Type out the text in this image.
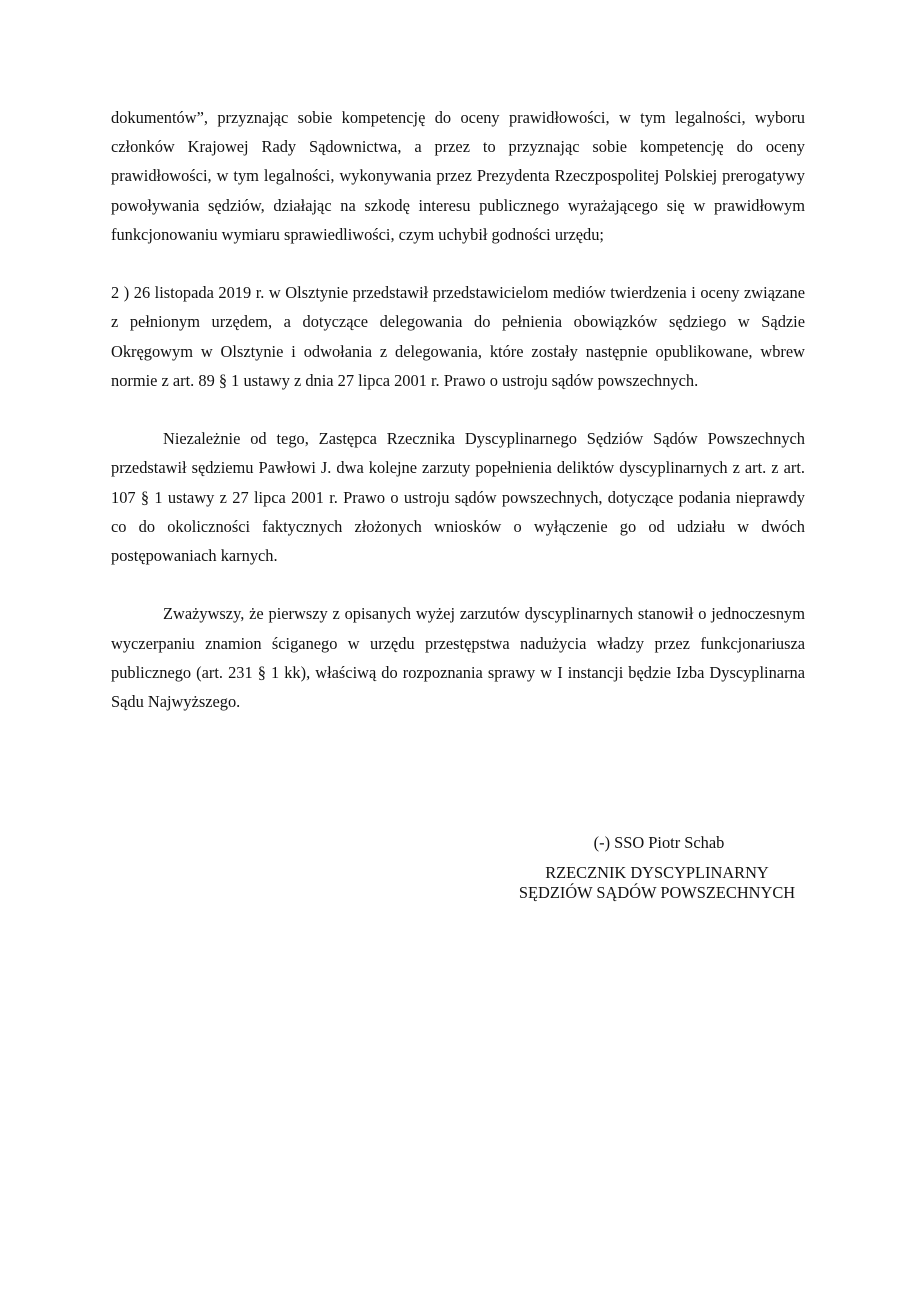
dokumentów”, przyznając sobie kompetencję do oceny prawidłowości, w tym legalności, wyboru członków Krajowej Rady Sądownictwa, a przez to przyznając sobie kompetencję do oceny prawidłowości, w tym legalności, wykonywania przez Prezydenta Rzeczpospolitej Polskiej prerogatywy powoływania sędziów, działając na szkodę interesu publicznego wyrażającego się w prawidłowym funkcjonowaniu wymiaru sprawiedliwości, czym uchybił godności urzędu;

2 ) 26 listopada 2019 r. w Olsztynie przedstawił przedstawicielom mediów twierdzenia i oceny związane z pełnionym urzędem, a dotyczące delegowania do pełnienia obowiązków sędziego w Sądzie Okręgowym w Olsztynie i odwołania z delegowania, które zostały następnie opublikowane, wbrew normie z art. 89 § 1 ustawy z dnia 27 lipca 2001 r. Prawo o ustroju sądów powszechnych.

Niezależnie od tego, Zastępca Rzecznika Dyscyplinarnego Sędziów Sądów Powszechnych przedstawił sędziemu Pawłowi J. dwa kolejne zarzuty popełnienia deliktów dyscyplinarnych z art. z art. 107 § 1 ustawy z 27 lipca 2001 r. Prawo o ustroju sądów powszechnych, dotyczące podania nieprawdy co do okoliczności faktycznych złożonych wniosków o wyłączenie go od udziału w dwóch postępowaniach karnych.

Zważywszy, że pierwszy z opisanych wyżej zarzutów dyscyplinarnych stanowił o jednoczesnym wyczerpaniu znamion ściganego w urzędu przestępstwa nadużycia władzy przez funkcjonariusza publicznego (art. 231 § 1 kk), właściwą do rozpoznania sprawy w I instancji będzie Izba Dyscyplinarna Sądu Najwyższego.

(-) SSO Piotr Schab
RZECZNIK DYSCYPLINARNY
SĘDZIÓW SĄDÓW POWSZECHNYCH
